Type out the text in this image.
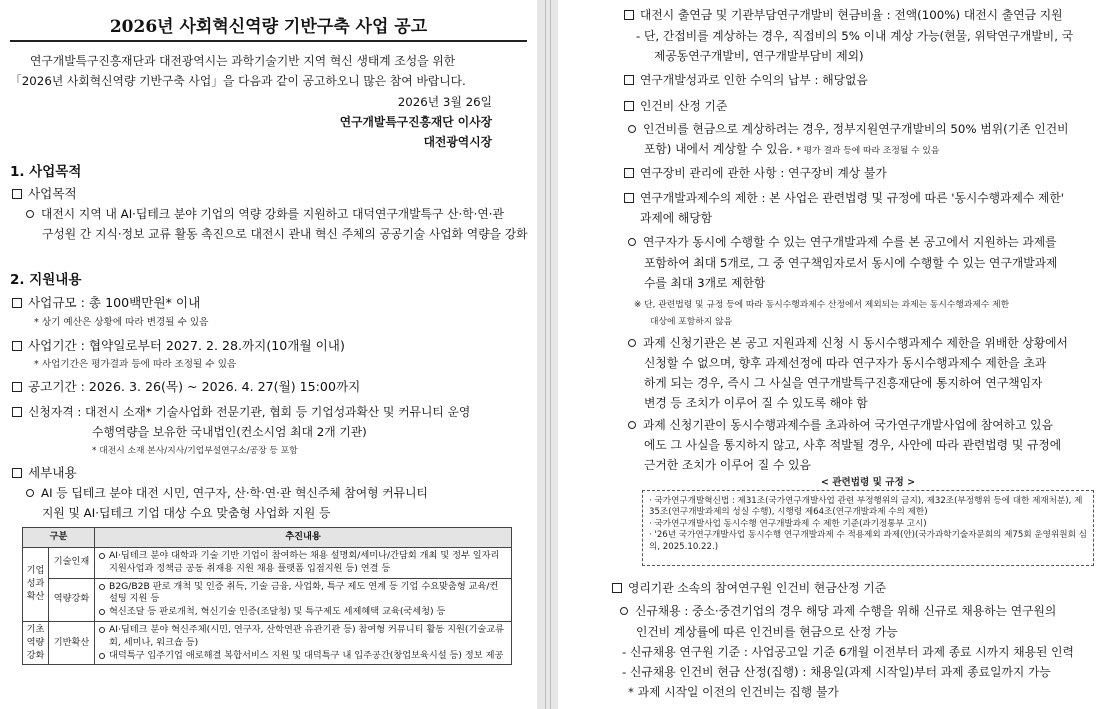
2026년 사회혁신역량 기반구축 사업 공고
연구개발특구진흥재단과 대전광역시는 과학기술기반 지역 혁신 생태계 조성을 위한
「2026년 사회혁신역량 기반구축 사업」을 다음과 같이 공고하오니 많은 참여 바랍니다.
2026년 3월 26일
연구개발특구진흥재단 이사장
대전광역시장
1. 사업목적
사업목적
대전시 지역 내 AI·딥테크 분야 기업의 역량 강화를 지원하고 대덕연구개발특구 산·학·연·관
구성원 간 지식·정보 교류 활동 촉진으로 대전시 관내 혁신 주체의 공공기술 사업화 역량을 강화
2. 지원내용
사업규모 : 총 100백만원* 이내
* 상기 예산은 상황에 따라 변경될 수 있음
사업기간 : 협약일로부터 2027. 2. 28.까지(10개월 이내)
* 사업기간은 평가결과 등에 따라 조정될 수 있음
공고기간 : 2026. 3. 26(목) ~ 2026. 4. 27(월) 15:00까지
신청자격 : 대전시 소재* 기술사업화 전문기관, 협회 등 기업성과확산 및 커뮤니티 운영
수행역량을 보유한 국내법인(컨소시엄 최대 2개 기관)
* 대전시 소재 본사/지사/기업부설연구소/공장 등 포함
세부내용
AI 등 딥테크 분야 대전 시민, 연구자, 산·학·연·관 혁신주체 참여형 커뮤니티
지원 및 AI·딥테크 기업 대상 수요 맞춤형 사업화 지원 등
구분		추진내용
기업성과확산	기술인재	AI·딥테크 분야 대학과 기술 기반 기업이 참여하는 채용 설명회/세미나/간담회 개최 및 정부 일자리 지원사업과 정책금 공동 취재용 지원 채용 플랫폼 입점지원 등) 연결 등

	역량강화	B2G/B2B 판로 개척 및 인증 취득, 기술 금융, 사업화, 특구 제도 연계 등 기업 수요맞춤형 교육/컨설팅 지원 등
혁신조달 등 판로개척, 혁신기술 인증(조달청) 및 특구제도 세제혜택 교육(국세청) 등

기초역량강화	기반확산	AI·딥테크 분야 혁신주체(시민, 연구자, 산학연관 유관기관 등) 참여형 커뮤니티 활동 지원(기술교류회, 세미나, 워크숍 등)
대덕특구 입주기업 애로해결 복합서비스 지원 및 대덕특구 내 입주공간(창업보육시설 등) 정보 제공
대전시 출연금 및 기관부담연구개발비 현금비율 : 전액(100%) 대전시 출연금 지원
- 단, 간접비를 계상하는 경우, 직접비의 5% 이내 계상 가능(현물, 위탁연구개발비, 국
제공동연구개발비, 연구개발부담비 제외)
연구개발성과로 인한 수익의 납부 : 해당없음
인건비 산정 기준
인건비를 현금으로 계상하려는 경우, 정부지원연구개발비의 50% 범위(기존 인건비
포함) 내에서 계상할 수 있음. * 평가 결과 등에 따라 조정될 수 있음
연구장비 관리에 관한 사항 : 연구장비 계상 불가
연구개발과제수의 제한 : 본 사업은 관련법령 및 규정에 따른 '동시수행과제수 제한'
과제에 해당함
연구자가 동시에 수행할 수 있는 연구개발과제 수를 본 공고에서 지원하는 과제를
포함하여 최대 5개로, 그 중 연구책임자로서 동시에 수행할 수 있는 연구개발과제
수를 최대 3개로 제한함
※ 단, 관련법령 및 규정 등에 따라 동시수행과제수 산정에서 제외되는 과제는 동시수행과제수 제한
대상에 포함하지 않음
과제 신청기관은 본 공고 지원과제 신청 시 동시수행과제수 제한을 위배한 상황에서
신청할 수 없으며, 향후 과제선정에 따라 연구자가 동시수행과제수 제한을 초과
하게 되는 경우, 즉시 그 사실을 연구개발특구진흥재단에 통지하여 연구책임자
변경 등 조치가 이루어 질 수 있도록 해야 함
과제 신청기관이 동시수행과제수를 초과하여 국가연구개발사업에 참여하고 있음
에도 그 사실을 통지하지 않고, 사후 적발될 경우, 사안에 따라 관련법령 및 규정에
근거한 조치가 이루어 질 수 있음
< 관련법령 및 규정 >
· 국가연구개발혁신법 : 제31조(국가연구개발사업 관련 부정행위의 금지), 제32조(부정행위 등에 대한 제재처분), 제35조(연구개발과제의 성실 수행), 시행령 제64조(연구개발과제 수의 제한)
· 국가연구개발사업 동시수행 연구개발과제 수 제한 기준(과기정통부 고시)
· '26년 국가연구개발사업 동시수행 연구개발과제 수 적용제외 과제(안)(국가과학기술자문회의 제75회 운영위원회 심의, 2025.10.22.)
영리기관 소속의 참여연구원 인건비 현금산정 기준
신규채용 : 중소·중견기업의 경우 해당 과제 수행을 위해 신규로 채용하는 연구원의
인건비 계상률에 따른 인건비를 현금으로 산정 가능
- 신규채용 연구원 기준 : 사업공고일 기준 6개월 이전부터 과제 종료 시까지 채용된 인력
- 신규채용 인건비 현금 산정(집행) : 채용일(과제 시작일)부터 과제 종료일까지 가능
* 과제 시작일 이전의 인건비는 집행 불가
